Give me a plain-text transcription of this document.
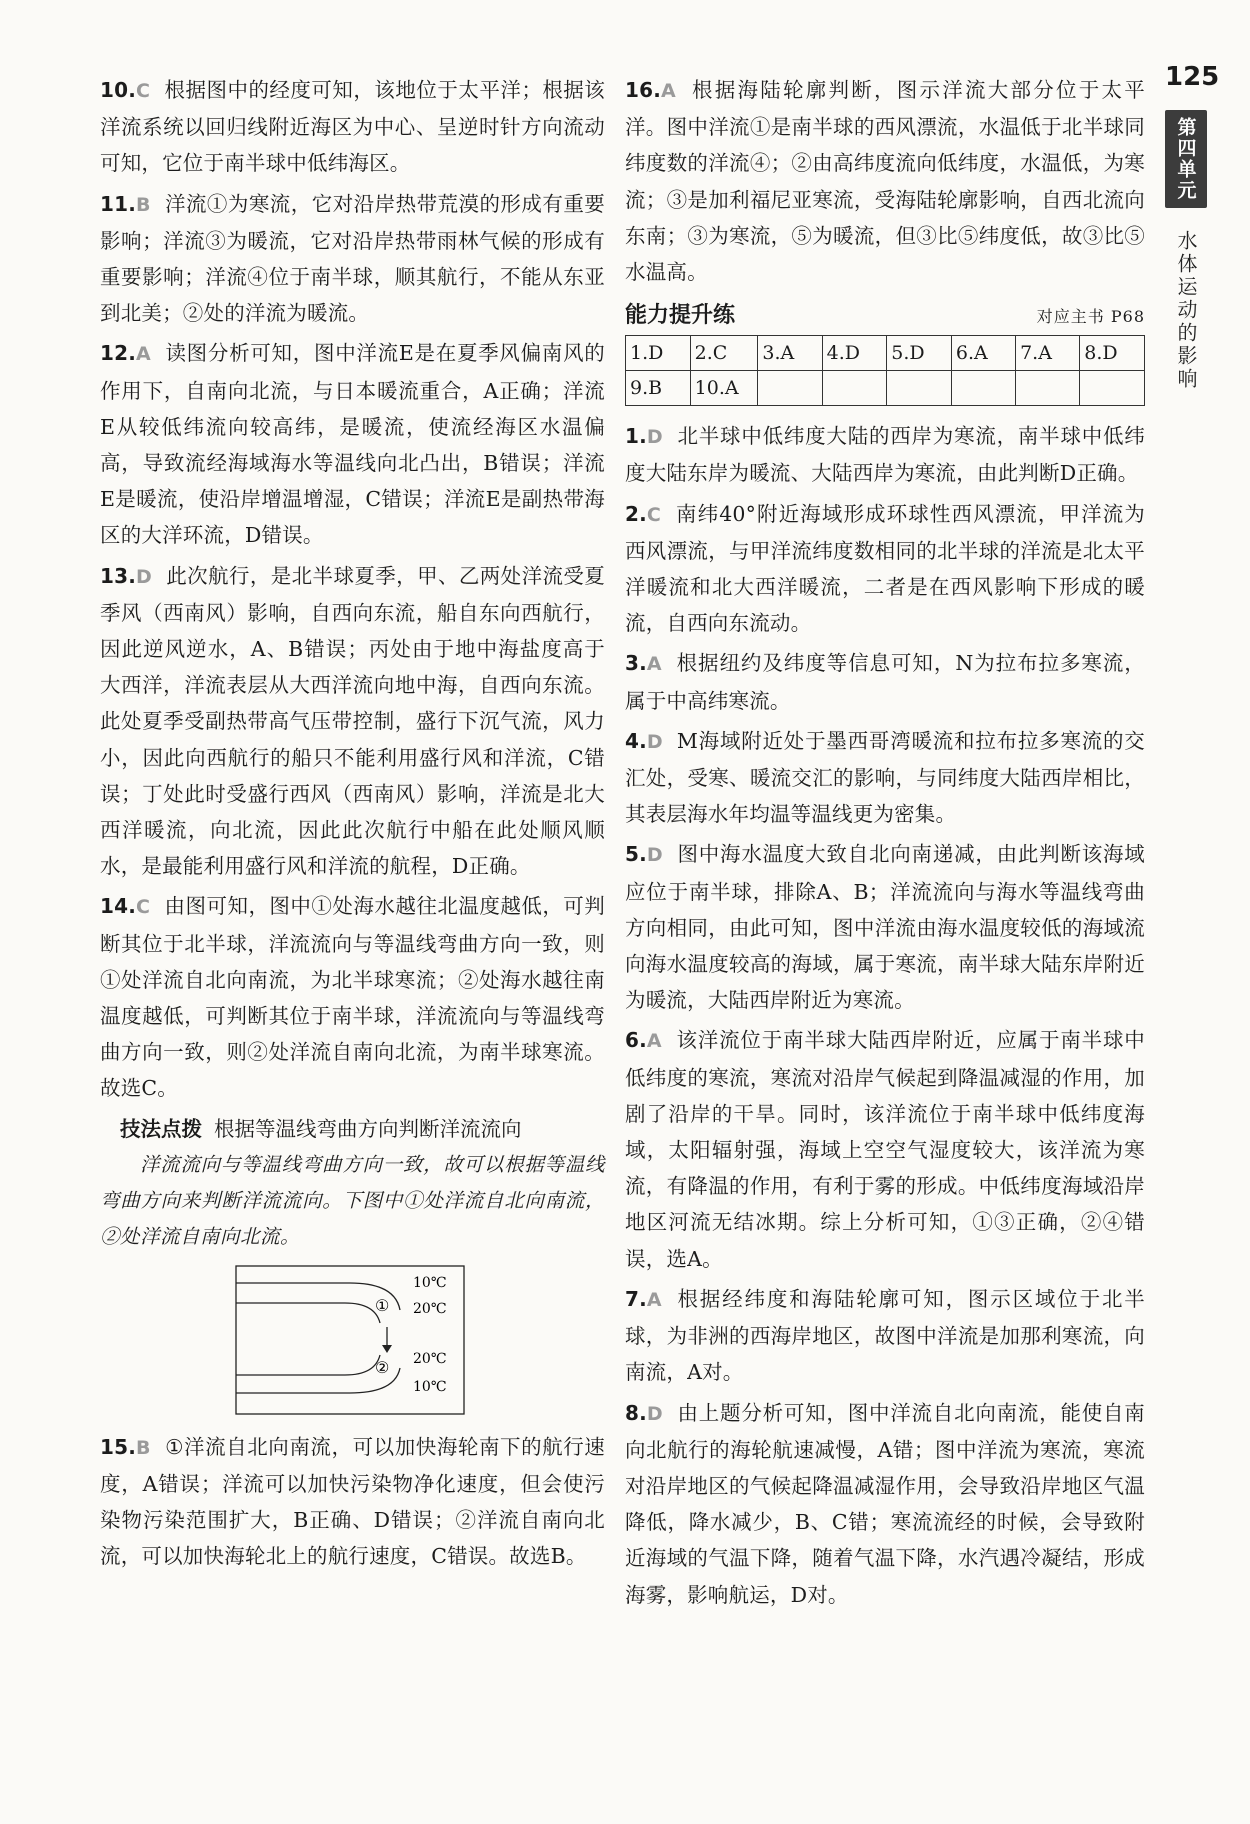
125
第四单元
水体运动的影响
10.C 根据图中的经度可知，该地位于太平洋；根据该洋流系统以回归线附近海区为中心、呈逆时针方向流动可知，它位于南半球中低纬海区。
11.B 洋流①为寒流，它对沿岸热带荒漠的形成有重要影响；洋流③为暖流，它对沿岸热带雨林气候的形成有重要影响；洋流④位于南半球，顺其航行，不能从东亚到北美；②处的洋流为暖流。
12.A 读图分析可知，图中洋流E是在夏季风偏南风的作用下，自南向北流，与日本暖流重合，A正确；洋流E从较低纬流向较高纬，是暖流，使流经海区水温偏高，导致流经海域海水等温线向北凸出，B错误；洋流E是暖流，使沿岸增温增湿，C错误；洋流E是副热带海区的大洋环流，D错误。
13.D 此次航行，是北半球夏季，甲、乙两处洋流受夏季风（西南风）影响，自西向东流，船自东向西航行，因此逆风逆水，A、B错误；丙处由于地中海盐度高于大西洋，洋流表层从大西洋流向地中海，自西向东流。此处夏季受副热带高气压带控制，盛行下沉气流，风力小，因此向西航行的船只不能利用盛行风和洋流，C错误；丁处此时受盛行西风（西南风）影响，洋流是北大西洋暖流，向北流，因此此次航行中船在此处顺风顺水，是最能利用盛行风和洋流的航程，D正确。
14.C 由图可知，图中①处海水越往北温度越低，可判断其位于北半球，洋流流向与等温线弯曲方向一致，则①处洋流自北向南流，为北半球寒流；②处海水越往南温度越低，可判断其位于南半球，洋流流向与等温线弯曲方向一致，则②处洋流自南向北流，为南半球寒流。故选C。
技法点拨 根据等温线弯曲方向判断洋流流向
洋流流向与等温线弯曲方向一致，故可以根据等温线弯曲方向来判断洋流流向。下图中①处洋流自北向南流，②处洋流自南向北流。
①
②
10℃
20℃
20℃
10℃
15.B ①洋流自北向南流，可以加快海轮南下的航行速度，A错误；洋流可以加快污染物净化速度，但会使污染物污染范围扩大，B正确、D错误；②洋流自南向北流，可以加快海轮北上的航行速度，C错误。故选B。
16.A 根据海陆轮廓判断，图示洋流大部分位于太平洋。图中洋流①是南半球的西风漂流，水温低于北半球同纬度数的洋流④；②由高纬度流向低纬度，水温低，为寒流；③是加利福尼亚寒流，受海陆轮廓影响，自西北流向东南；③为寒流，⑤为暖流，但③比⑤纬度低，故③比⑤水温高。
能力提升练	对应主书 P68
1.D	2.C	3.A	4.D	5.D	6.A	7.A	8.D
9.B	10.A						
1.D 北半球中低纬度大陆的西岸为寒流，南半球中低纬度大陆东岸为暖流、大陆西岸为寒流，由此判断D正确。
2.C 南纬40°附近海域形成环球性西风漂流，甲洋流为西风漂流，与甲洋流纬度数相同的北半球的洋流是北太平洋暖流和北大西洋暖流，二者是在西风影响下形成的暖流，自西向东流动。
3.A 根据纽约及纬度等信息可知，N为拉布拉多寒流，属于中高纬寒流。
4.D M海域附近处于墨西哥湾暖流和拉布拉多寒流的交汇处，受寒、暖流交汇的影响，与同纬度大陆西岸相比，其表层海水年均温等温线更为密集。
5.D 图中海水温度大致自北向南递减，由此判断该海域应位于南半球，排除A、B；洋流流向与海水等温线弯曲方向相同，由此可知，图中洋流由海水温度较低的海域流向海水温度较高的海域，属于寒流，南半球大陆东岸附近为暖流，大陆西岸附近为寒流。
6.A 该洋流位于南半球大陆西岸附近，应属于南半球中低纬度的寒流，寒流对沿岸气候起到降温减湿的作用，加剧了沿岸的干旱。同时，该洋流位于南半球中低纬度海域，太阳辐射强，海域上空空气湿度较大，该洋流为寒流，有降温的作用，有利于雾的形成。中低纬度海域沿岸地区河流无结冰期。综上分析可知，①③正确，②④错误，选A。
7.A 根据经纬度和海陆轮廓可知，图示区域位于北半球，为非洲的西海岸地区，故图中洋流是加那利寒流，向南流，A对。
8.D 由上题分析可知，图中洋流自北向南流，能使自南向北航行的海轮航速减慢，A错；图中洋流为寒流，寒流对沿岸地区的气候起降温减湿作用，会导致沿岸地区气温降低，降水减少，B、C错；寒流流经的时候，会导致附近海域的气温下降，随着气温下降，水汽遇冷凝结，形成海雾，影响航运，D对。
